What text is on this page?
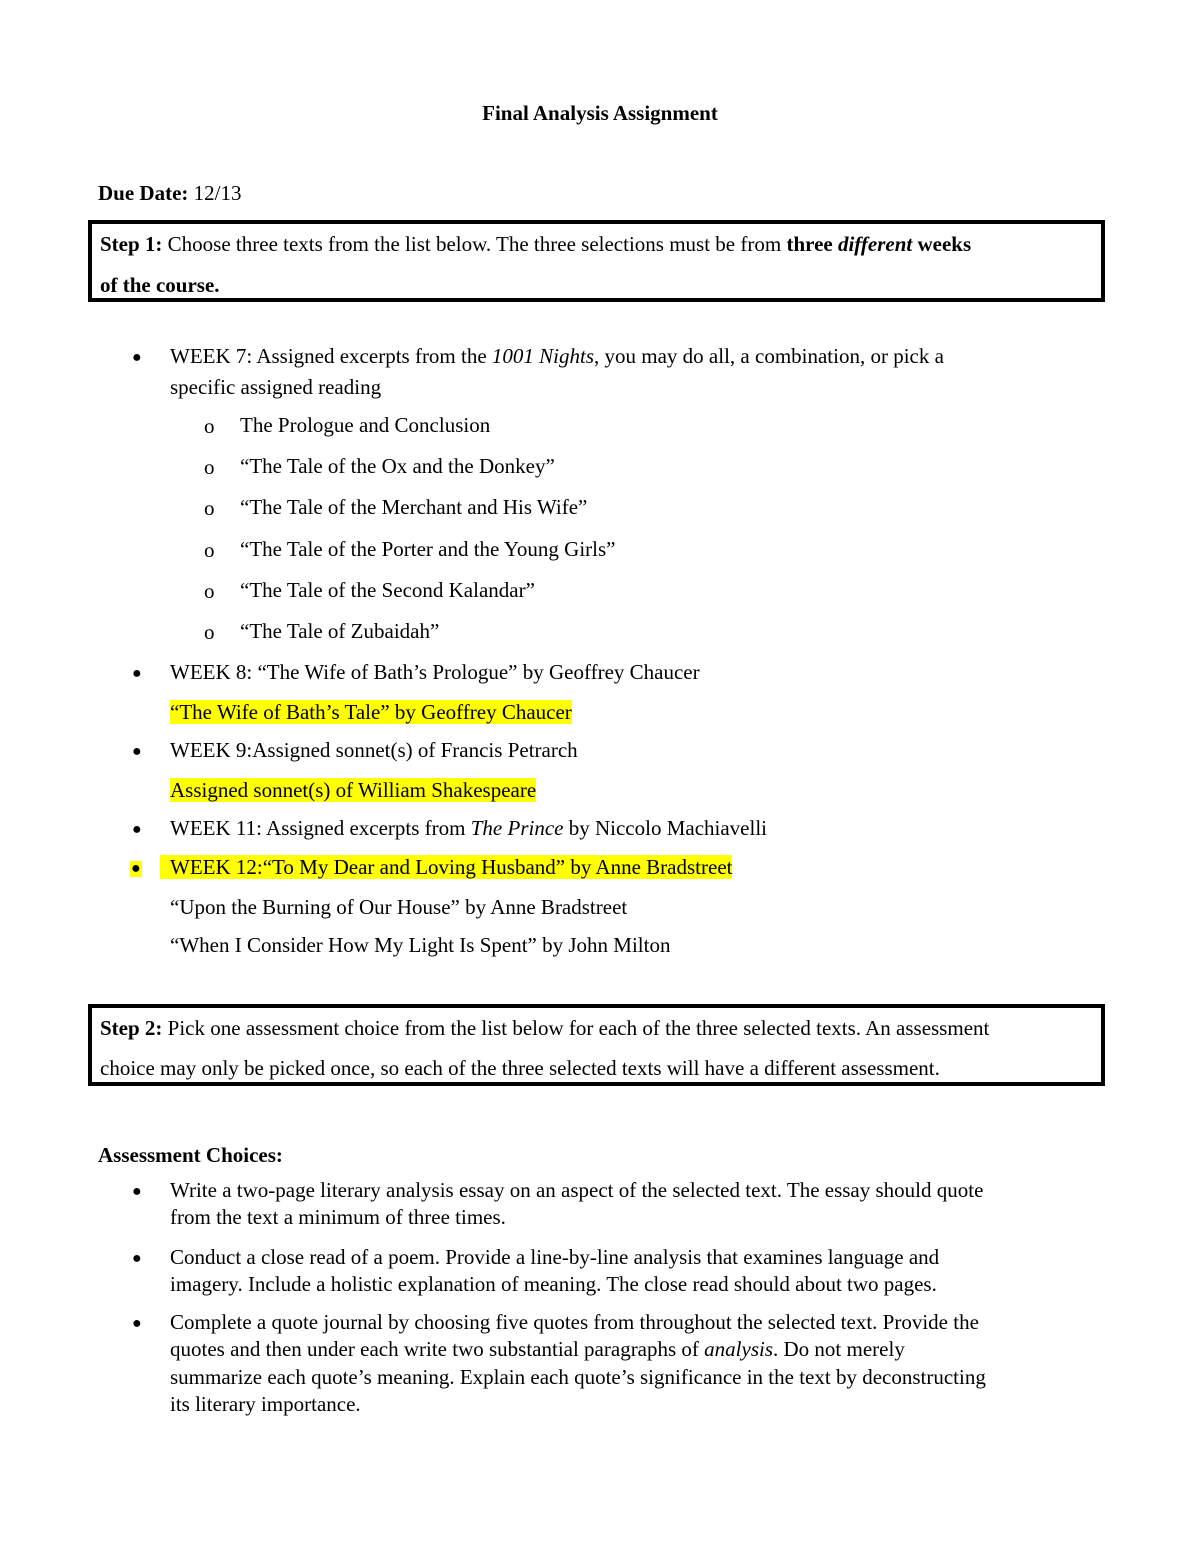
Final Analysis Assignment
Due Date: 12/13
Step 1: Choose three texts from the list below. The three selections must be from three different weeks
of the course.
●
WEEK 7: Assigned excerpts from the 1001 Nights, you may do all, a combination, or pick a
specific assigned reading
o The Prologue and Conclusion
o “The Tale of the Ox and the Donkey”
o “The Tale of the Merchant and His Wife”
o “The Tale of the Porter and the Young Girls”
o “The Tale of the Second Kalandar”
o “The Tale of Zubaidah”
●
WEEK 8: “The Wife of Bath’s Prologue” by Geoffrey Chaucer
“The Wife of Bath’s Tale” by Geoffrey Chaucer
●
WEEK 9:Assigned sonnet(s) of Francis Petrarch
Assigned sonnet(s) of William Shakespeare
●
WEEK 11: Assigned excerpts from The Prince by Niccolo Machiavelli
●
WEEK 12:“To My Dear and Loving Husband” by Anne Bradstreet
“Upon the Burning of Our House” by Anne Bradstreet
“When I Consider How My Light Is Spent” by John Milton
Step 2: Pick one assessment choice from the list below for each of the three selected texts. An assessment
choice may only be picked once, so each of the three selected texts will have a different assessment.
Assessment Choices:
●
Write a two-page literary analysis essay on an aspect of the selected text. The essay should quote
from the text a minimum of three times.
●
Conduct a close read of a poem. Provide a line-by-line analysis that examines language and
imagery. Include a holistic explanation of meaning. The close read should about two pages.
●
Complete a quote journal by choosing five quotes from throughout the selected text. Provide the
quotes and then under each write two substantial paragraphs of analysis. Do not merely
summarize each quote’s meaning. Explain each quote’s significance in the text by deconstructing
its literary importance.
